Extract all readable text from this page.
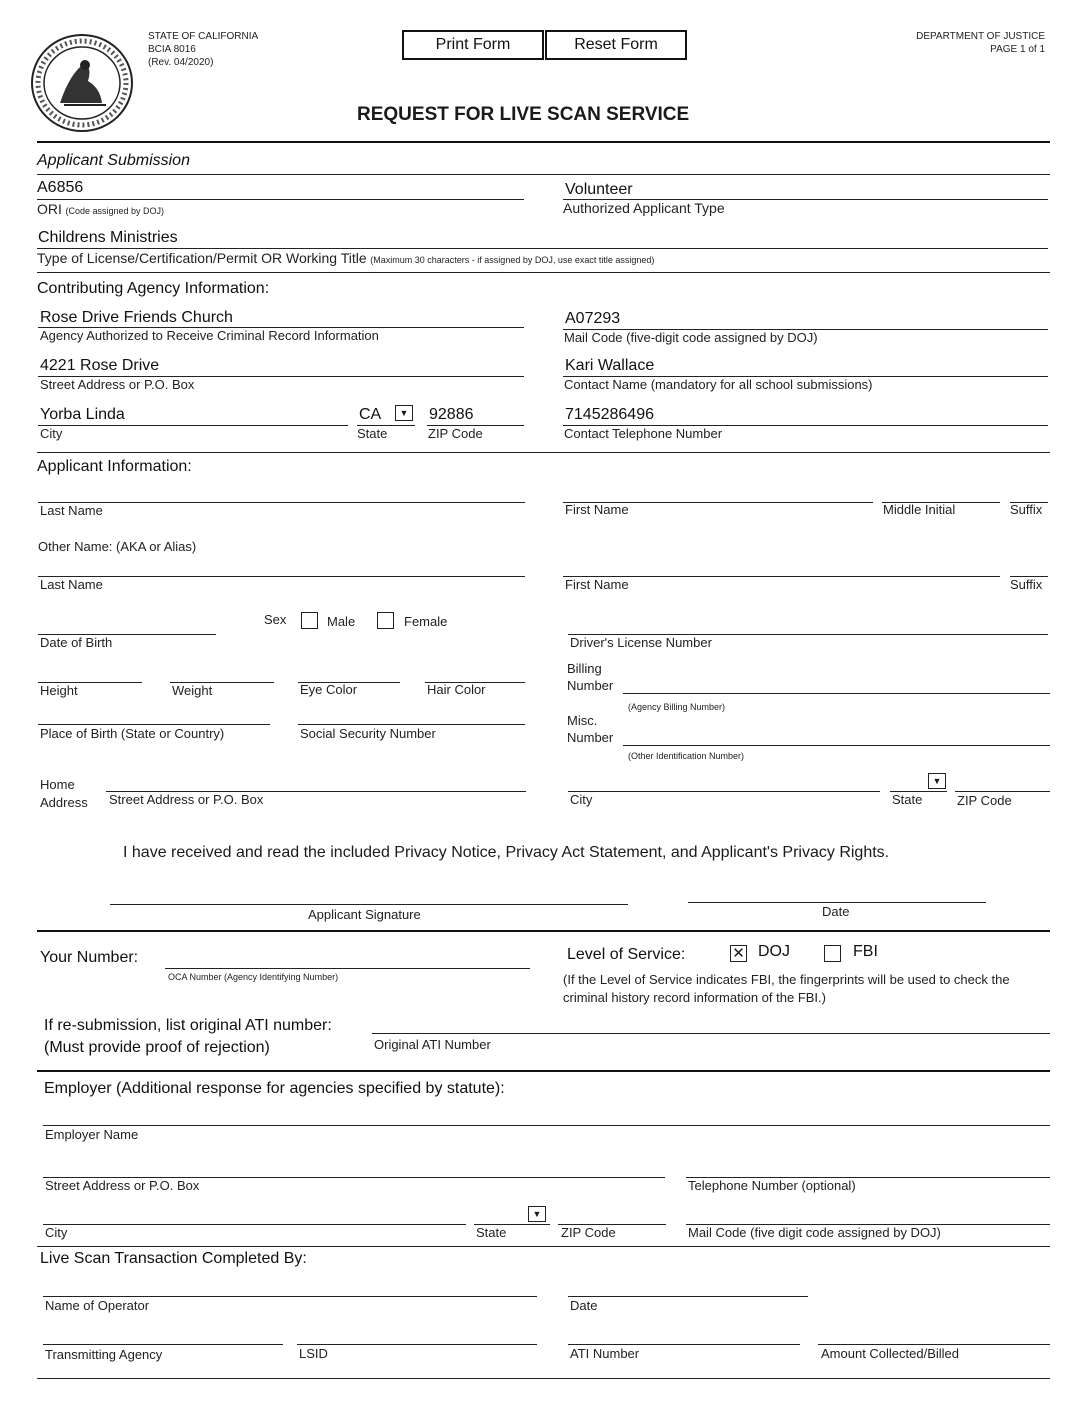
STATE OF CALIFORNIA
BCIA 8016
(Rev. 04/2020)
Print Form	Reset Form	DEPARTMENT OF JUSTICE
PAGE 1 of 1
REQUEST FOR LIVE SCAN SERVICE
Applicant Submission
A6856
ORI (Code assigned by DOJ)
Volunteer
Authorized Applicant Type
Childrens Ministries
Type of License/Certification/Permit OR Working Title (Maximum 30 characters - if assigned by DOJ, use exact title assigned)
Contributing Agency Information:
Rose Drive Friends Church
Agency Authorized to Receive Criminal Record Information
A07293
Mail Code (five-digit code assigned by DOJ)
4221 Rose Drive
Street Address or P.O. Box
Kari Wallace
Contact Name (mandatory for all school submissions)
Yorba Linda
City
CA	▼
State
92886
ZIP Code
7145286496
Contact Telephone Number
Applicant Information:
Last Name	First Name	Middle Initial	Suffix
Other Name: (AKA or Alias)
Last Name	First Name	Suffix
Sex	Male	Female
Date of Birth	Driver's License Number
Height	Weight	Eye Color	Hair Color
Billing
Number
(Agency Billing Number)
Place of Birth (State or Country)	Social Security Number
Misc.
Number
(Other Identification Number)
Home
Address Street Address or P.O. Box	City
▼
State	ZIP Code
I have received and read the included Privacy Notice, Privacy Act Statement, and Applicant's Privacy Rights.
Applicant Signature	Date
Your Number:
OCA Number (Agency Identifying Number)
Level of Service:	✕ DOJ	FBI
(If the Level of Service indicates FBI, the fingerprints will be used to check the
criminal history record information of the FBI.)
If re-submission, list original ATI number:
(Must provide proof of rejection)	Original ATI Number
Employer (Additional response for agencies specified by statute):
Employer Name
Street Address or P.O. Box	Telephone Number (optional)
City
▼
State	ZIP Code	Mail Code (five digit code assigned by DOJ)
Live Scan Transaction Completed By:
Name of Operator	Date
Transmitting Agency	LSID	ATI Number	Amount Collected/Billed
